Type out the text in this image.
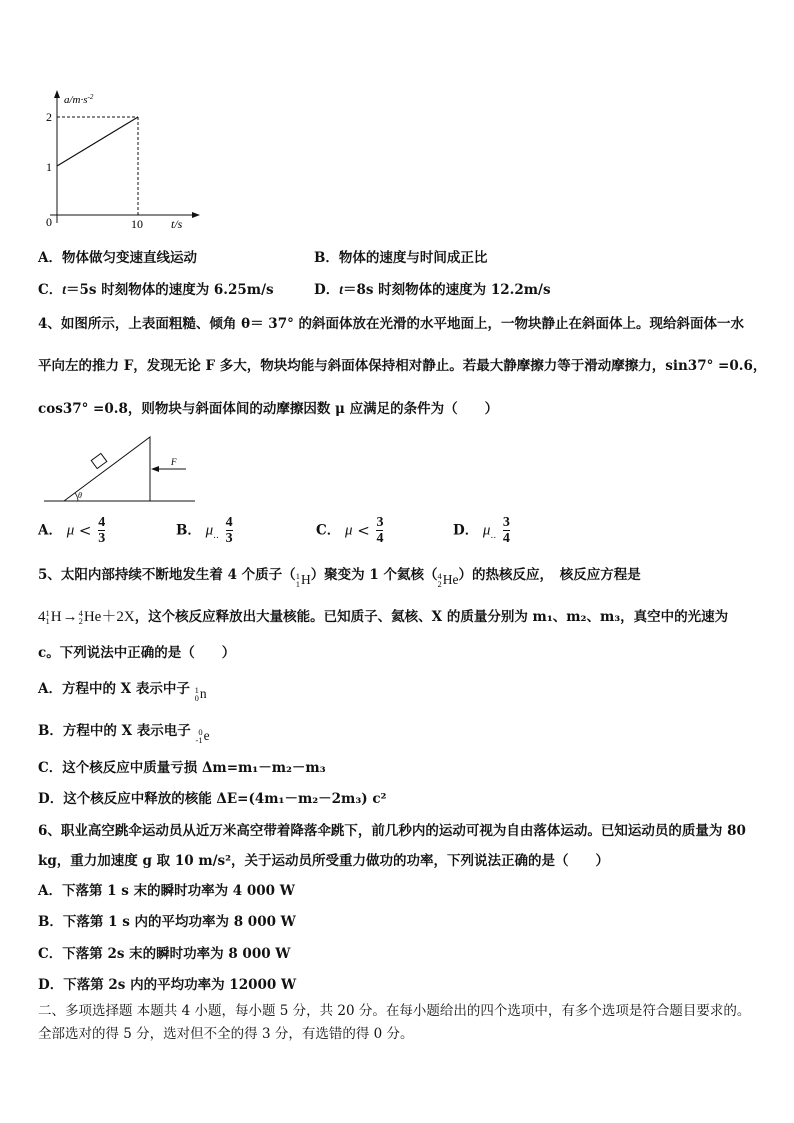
$a/m\cdot s^{-2}$
2
1
0	10 t/s
A．物体做匀变速直线运动	B．物体的速度与时间成正比
C．t＝5s 时刻物体的速度为 6.25m/s	D．t＝8s 时刻物体的速度为 12.2m/s
4、如图所示，上表面粗糙、倾角 θ＝ 37° 的斜面体放在光滑的水平地面上，一物块静止在斜面体上。现给斜面体一水
平向左的推力 F，发现无论 F 多大，物块均能与斜面体保持相对静止。若最大静摩擦力等于滑动摩擦力，sin37° =0.6，
cos37° =0.8，则物块与斜面体间的动摩擦因数 μ 应满足的条件为（　　）
θ
F
A． $\mu < \frac{4}{3}$	B． $\mu_{..} \frac{4}{3}$	C． $\mu < \frac{3}{4}$	D． $\mu_{..} \frac{3}{4}$
5、太阳内部持续不断地发生着 4 个质子（ 1
1 H ）聚变为 1 个氦核（ 4
2 He ）的热核反应，　核反应方程是
4 1
1 H → 4
2 He ＋2X ，这个核反应释放出大量核能。已知质子、氦核、X 的质量分别为 m₁、m₂、m₃，真空中的光速为
c。下列说法中正确的是（　　）
A．方程中的 X 表示中子 1
0 n
B．方程中的 X 表示电子 0
-1 e
C．这个核反应中质量亏损 Δm=m₁－m₂－m₃
D．这个核反应中释放的核能 ΔE=(4m₁－m₂－2m₃) c²
6、职业高空跳伞运动员从近万米高空带着降落伞跳下，前几秒内的运动可视为自由落体运动。已知运动员的质量为 80
kg，重力加速度 g 取 10 m/s²，关于运动员所受重力做功的功率，下列说法正确的是（　　）
A．下落第 1 s 末的瞬时功率为 4 000 W
B．下落第 1 s 内的平均功率为 8 000 W
C．下落第 2s 末的瞬时功率为 8 000 W
D．下落第 2s 内的平均功率为 12000 W
二、多项选择题 本题共 4 小题，每小题 5 分，共 20 分。在每小题给出的四个选项中，有多个选项是符合题目要求的。
全部选对的得 5 分，选对但不全的得 3 分，有选错的得 0 分。
